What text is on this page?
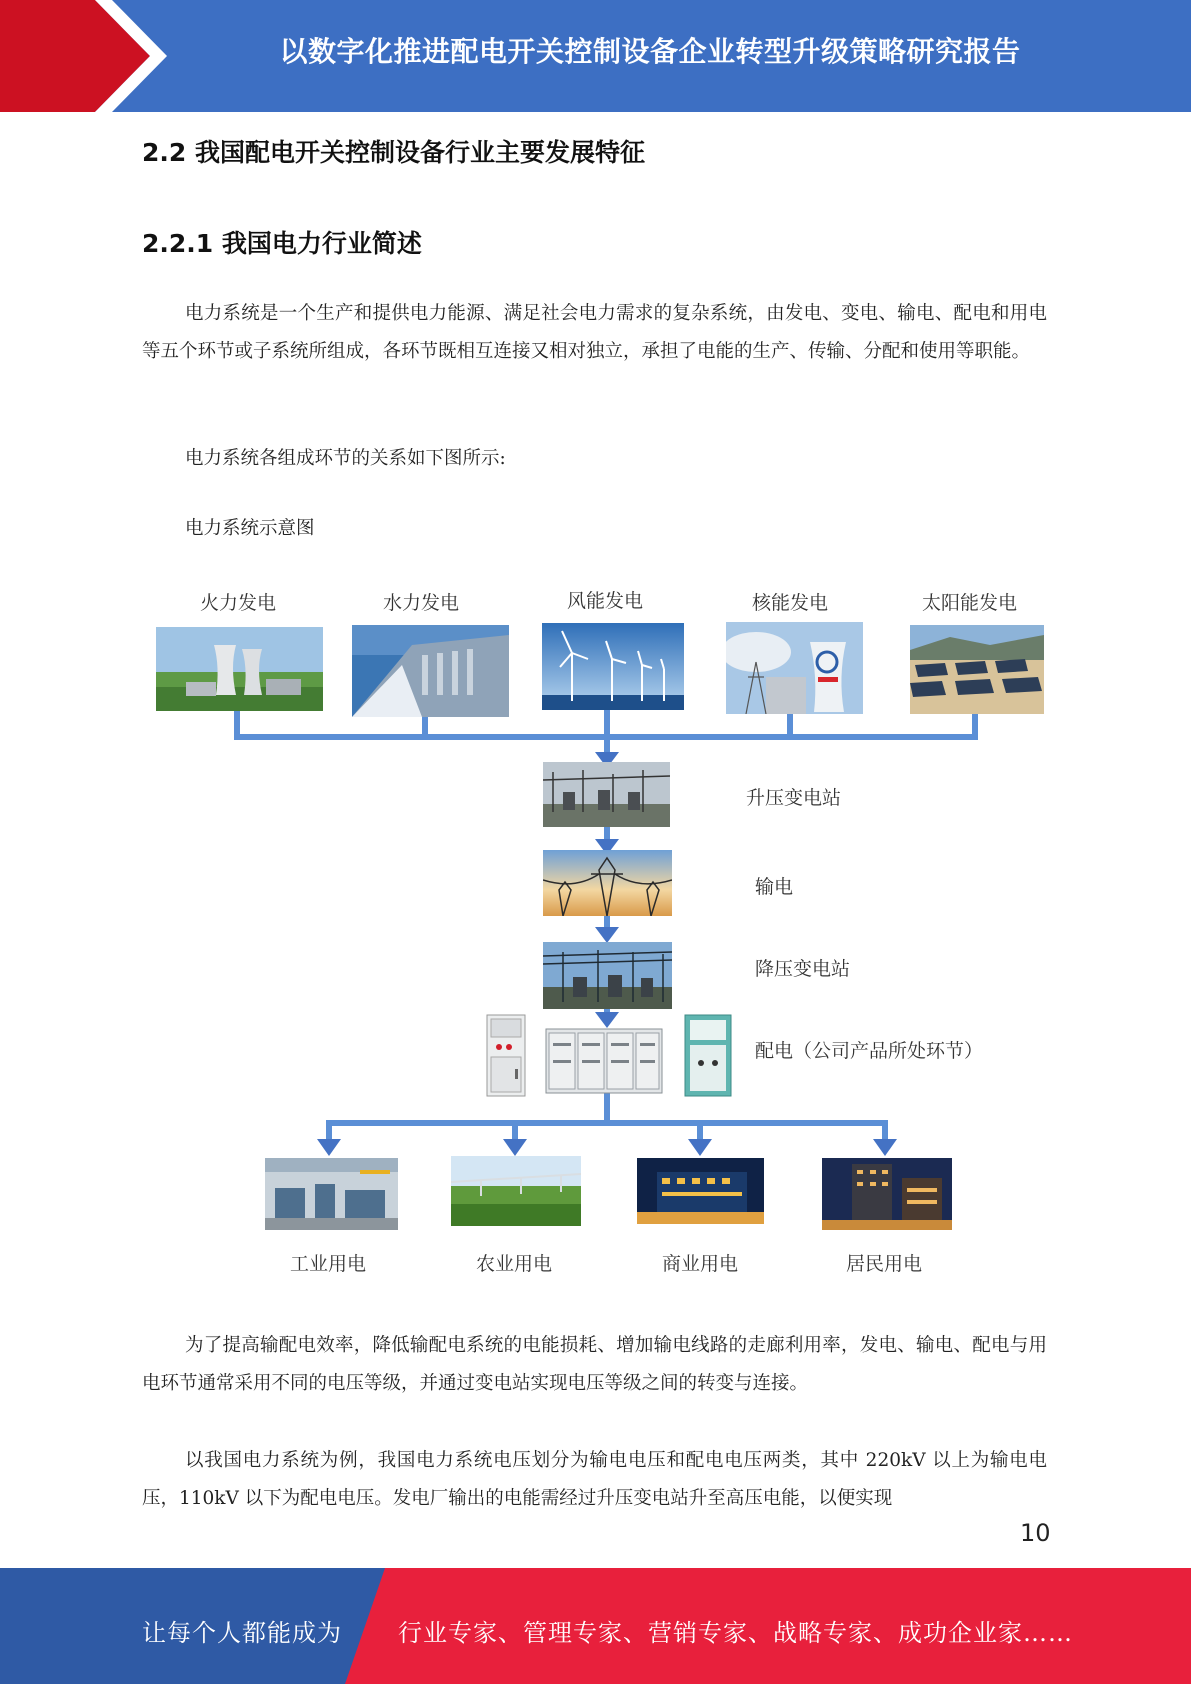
以数字化推进配电开关控制设备企业转型升级策略研究报告
2.2 我国配电开关控制设备行业主要发展特征
2.2.1 我国电力行业简述

电力系统是一个生产和提供电力能源、满足社会电力需求的复杂系统，由发电、变电、输电、配电和用电等五个环节或子系统所组成，各环节既相互连接又相对独立，承担了电能的生产、传输、分配和使用等职能。

电力系统各组成环节的关系如下图所示:

电力系统示意图

火力发电	水力发电	风能发电	核能发电	太阳能发电
升压变电站
输电
降压变电站
配电（公司产品所处环节）
工业用电	农业用电	商业用电	居民用电

为了提高输配电效率，降低输配电系统的电能损耗、增加输电线路的走廊利用率，发电、输电、配电与用电环节通常采用不同的电压等级，并通过变电站实现电压等级之间的转变与连接。

以我国电力系统为例，我国电力系统电压划分为输电电压和配电电压两类，其中 220kV 以上为输电电压，110kV 以下为配电电压。发电厂输出的电能需经过升压变电站升至高压电能，以便实现

10
让每个人都能成为 行业专家、管理专家、营销专家、战略专家、成功企业家……
